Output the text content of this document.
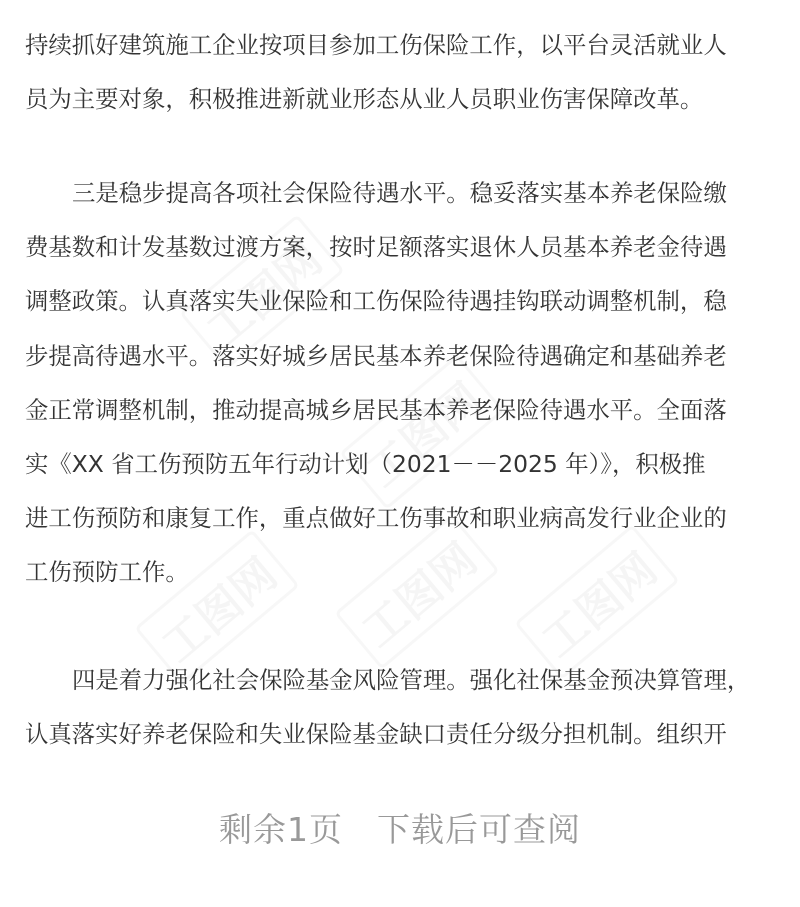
工图网
工图网
工图网	工图网	工图网
持续抓好建筑施工企业按项目参加工伤保险工作，以平台灵活就业人
员为主要对象，积极推进新就业形态从业人员职业伤害保障改革。
三是稳步提高各项社会保险待遇水平。稳妥落实基本养老保险缴
费基数和计发基数过渡方案，按时足额落实退休人员基本养老金待遇
调整政策。认真落实失业保险和工伤保险待遇挂钩联动调整机制，稳
步提高待遇水平。落实好城乡居民基本养老保险待遇确定和基础养老
金正常调整机制，推动提高城乡居民基本养老保险待遇水平。全面落
实《XX 省工伤预防五年行动计划（2021－－2025 年）》，积极推
进工伤预防和康复工作，重点做好工伤事故和职业病高发行业企业的
工伤预防工作。
四是着力强化社会保险基金风险管理。强化社保基金预决算管理，
认真落实好养老保险和失业保险基金缺口责任分级分担机制。组织开
剩余1页　下载后可查阅
